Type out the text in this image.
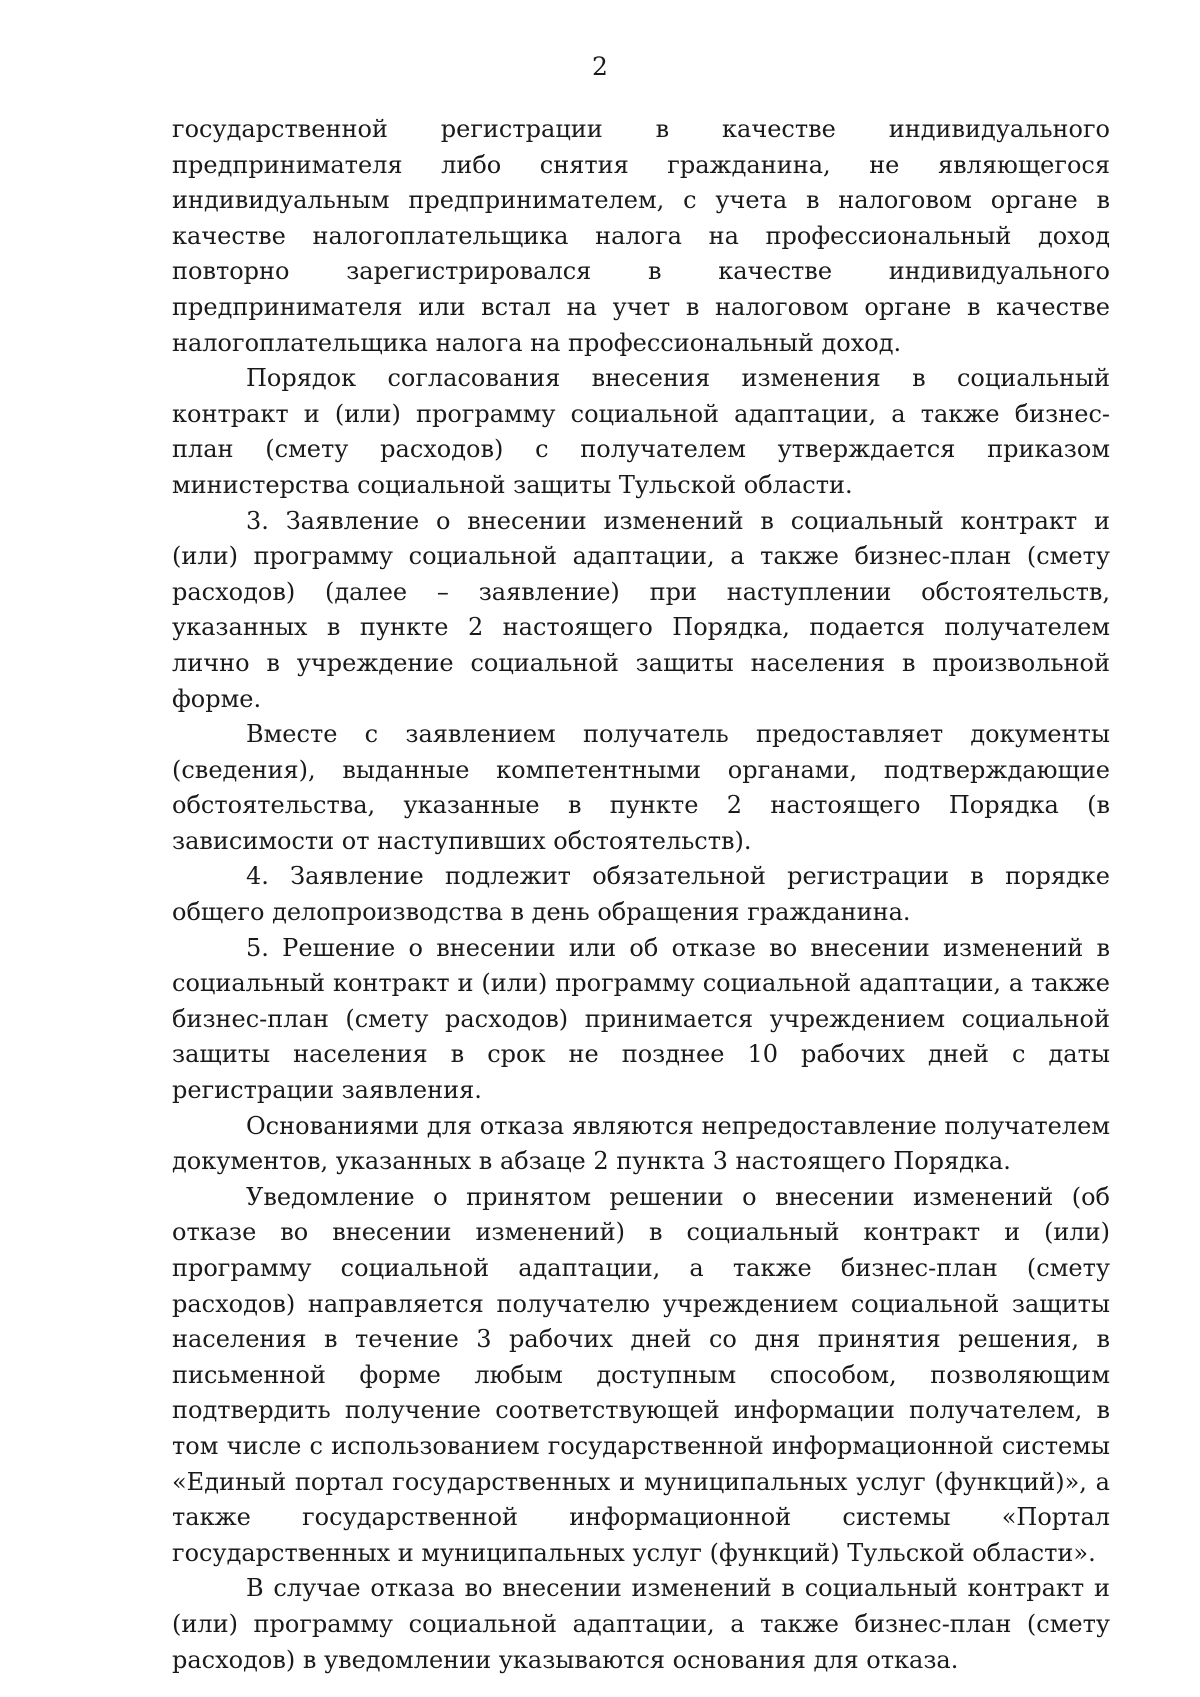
2

государственной регистрации в качестве индивидуального предпринимателя либо снятия гражданина, не являющегося индивидуальным предпринимателем, с учета в налоговом органе в качестве налогоплательщика налога на профессиональный доход повторно зарегистрировался в качестве индивидуального предпринимателя или встал на учет в налоговом органе в качестве налогоплательщика налога на профессиональный доход.

Порядок согласования внесения изменения в социальный контракт и (или) программу социальной адаптации, а также бизнес-план (смету расходов) с получателем утверждается приказом министерства социальной защиты Тульской области.

3. Заявление о внесении изменений в социальный контракт и (или) программу социальной адаптации, а также бизнес-план (смету расходов) (далее – заявление) при наступлении обстоятельств, указанных в пункте 2 настоящего Порядка, подается получателем лично в учреждение социальной защиты населения в произвольной форме.

Вместе с заявлением получатель предоставляет документы (сведения), выданные компетентными органами, подтверждающие обстоятельства, указанные в пункте 2 настоящего Порядка (в зависимости от наступивших обстоятельств).

4. Заявление подлежит обязательной регистрации в порядке общего делопроизводства в день обращения гражданина.

5. Решение о внесении или об отказе во внесении изменений в социальный контракт и (или) программу социальной адаптации, а также бизнес-план (смету расходов) принимается учреждением социальной защиты населения в срок не позднее 10 рабочих дней с даты регистрации заявления.

Основаниями для отказа являются непредоставление получателем документов, указанных в абзаце 2 пункта 3 настоящего Порядка.

Уведомление о принятом решении о внесении изменений (об отказе во внесении изменений) в социальный контракт и (или) программу социальной адаптации, а также бизнес-план (смету расходов) направляется получателю учреждением социальной защиты населения в течение 3 рабочих дней со дня принятия решения, в письменной форме любым доступным способом, позволяющим подтвердить получение соответствующей информации получателем, в том числе с использованием государственной информационной системы «Единый портал государственных и муниципальных услуг (функций)», а также государственной информационной системы «Портал государственных и муниципальных услуг (функций) Тульской области».

В случае отказа во внесении изменений в социальный контракт и (или) программу социальной адаптации, а также бизнес-план (смету расходов) в уведомлении указываются основания для отказа.
